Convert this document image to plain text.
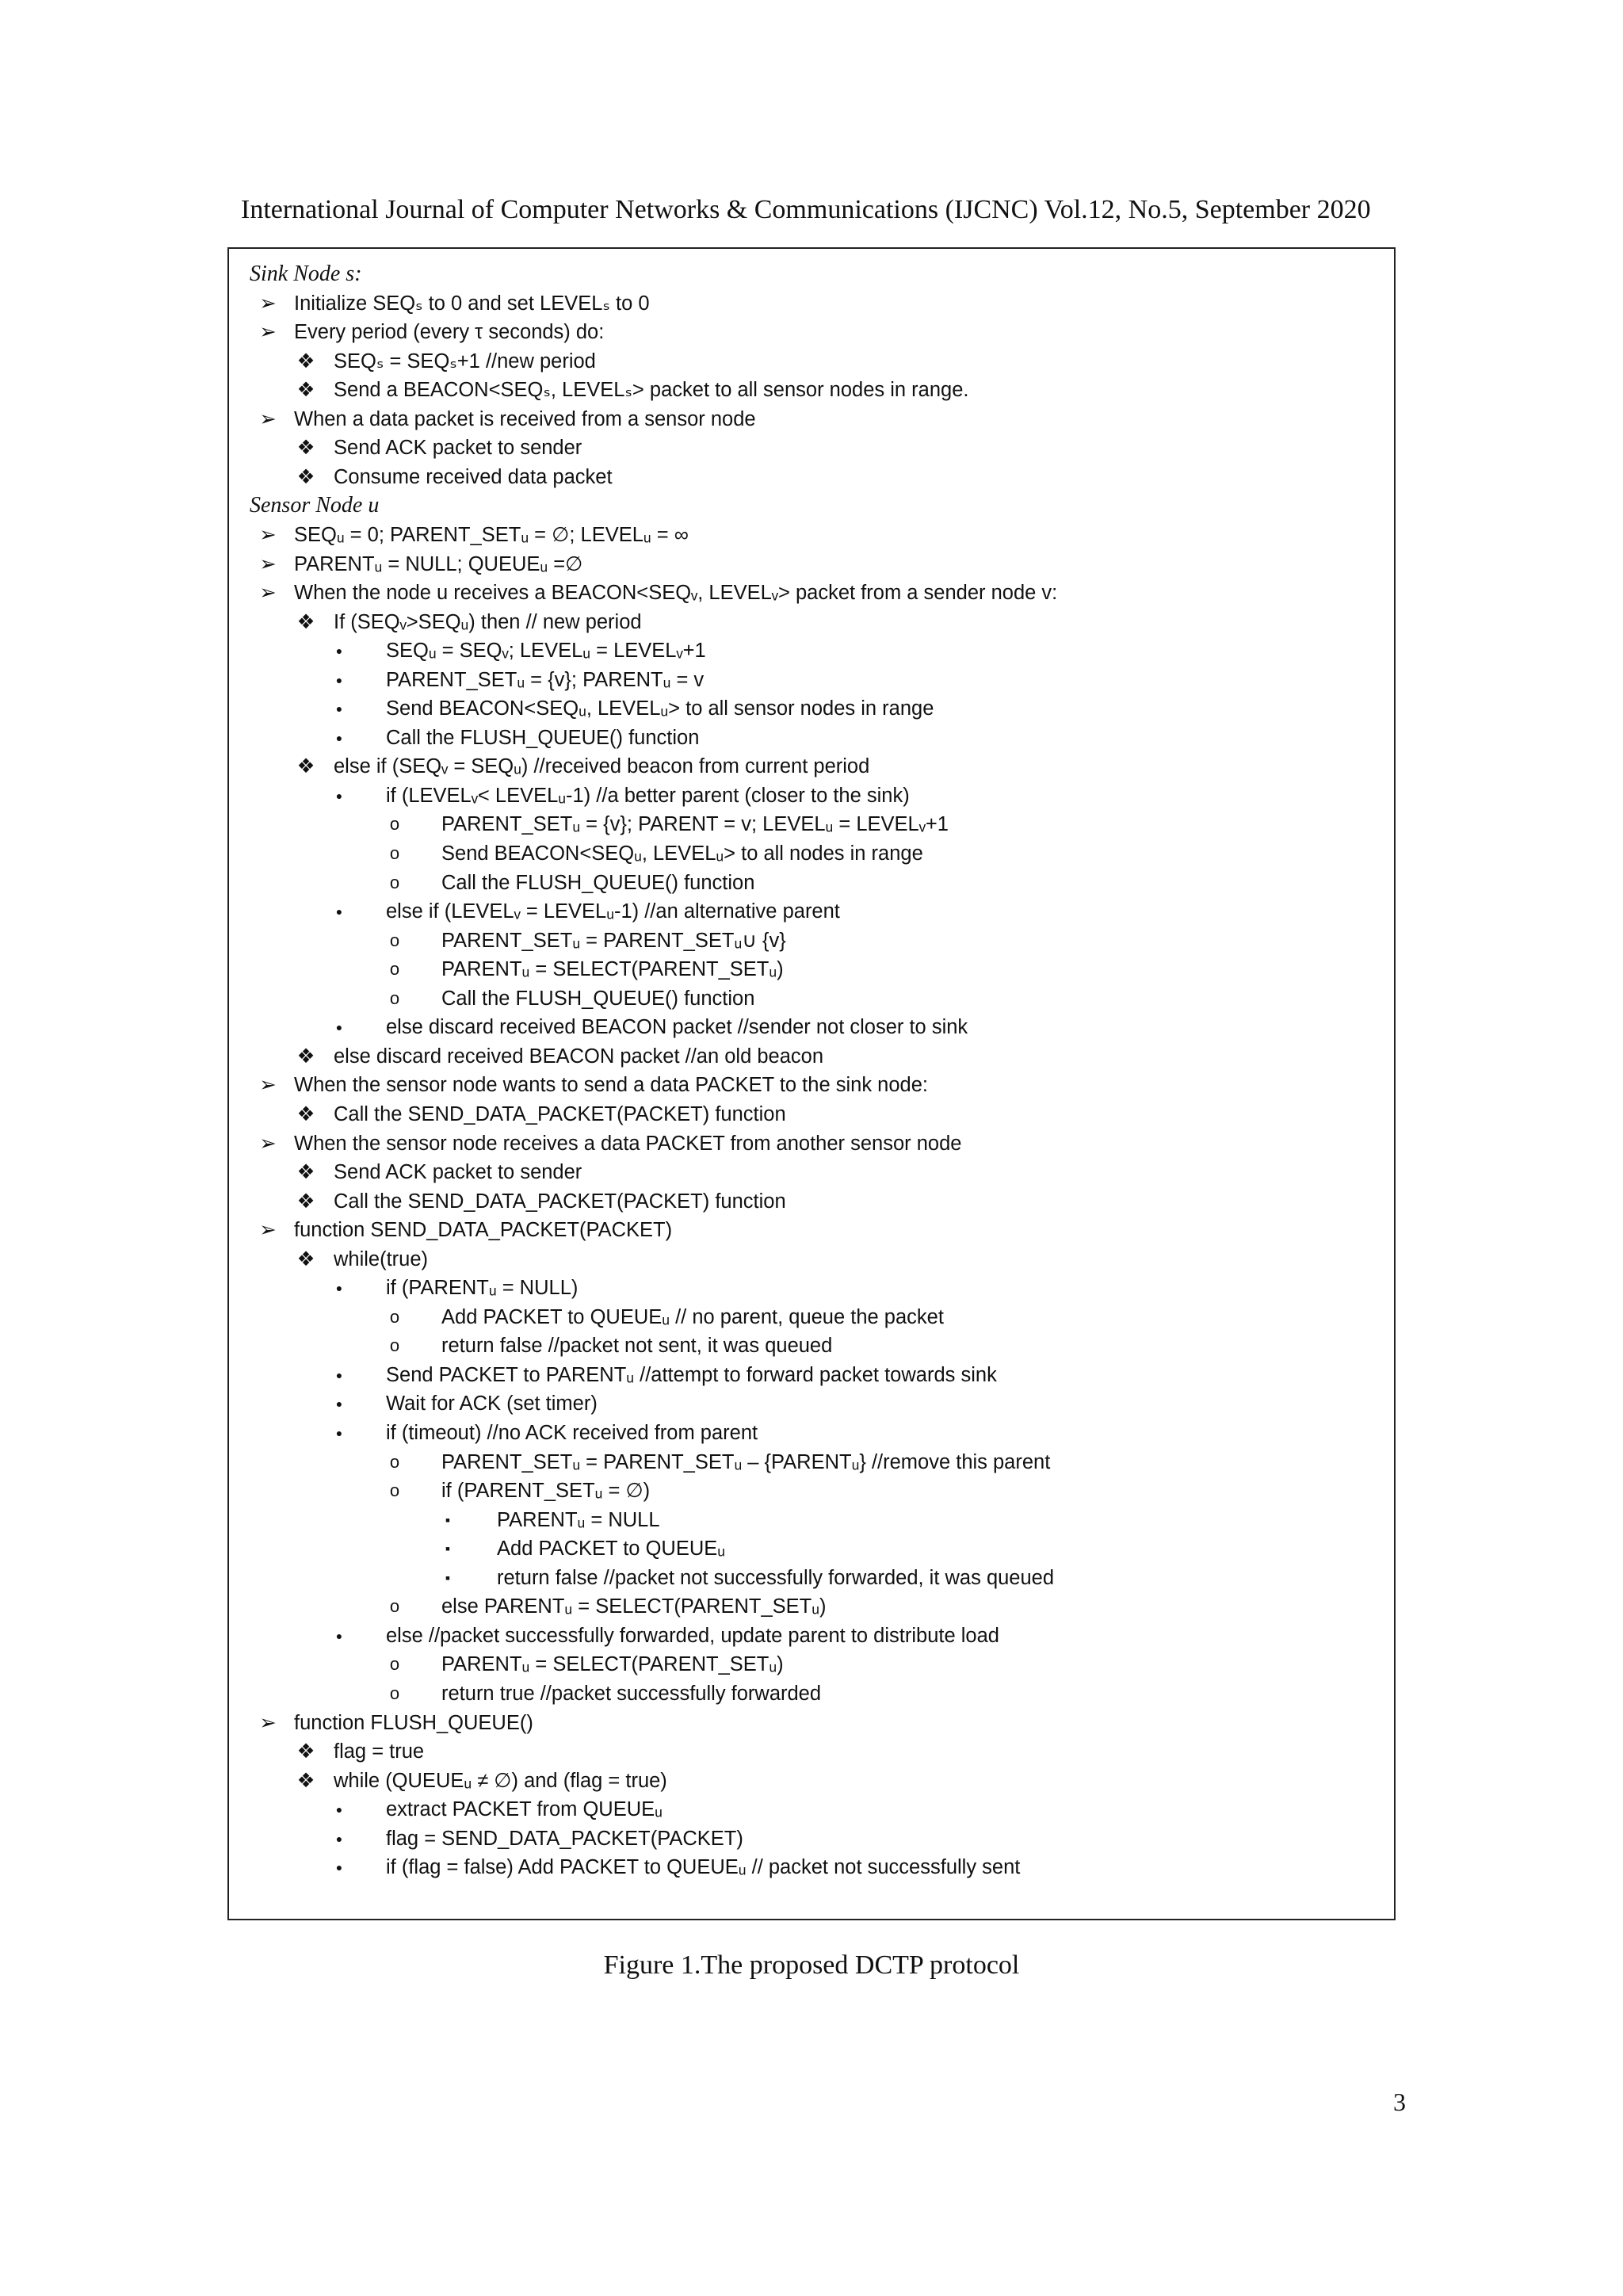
International Journal of Computer Networks & Communications (IJCNC) Vol.12, No.5, September 2020
Sink Node s:
➢ Initialize SEQₛ to 0 and set LEVELₛ to 0
➢ Every period (every τ seconds) do:
❖ SEQₛ = SEQₛ+1 //new period
❖ Send a BEACON<SEQₛ, LEVELₛ> packet to all sensor nodes in range.
➢ When a data packet is received from a sensor node
❖ Send ACK packet to sender
❖ Consume received data packet
Sensor Node u
➢ SEQᵤ = 0; PARENT_SETᵤ = ∅; LEVELᵤ = ∞
➢ PARENTᵤ = NULL; QUEUEᵤ =∅
➢ When the node u receives a BEACON<SEQᵥ, LEVELᵥ> packet from a sender node v:
❖ If (SEQᵥ>SEQᵤ) then // new period
●	SEQᵤ = SEQᵥ; LEVELᵤ = LEVELᵥ+1
●	PARENT_SETᵤ = {v}; PARENTᵤ = v
●	Send BEACON<SEQᵤ, LEVELᵤ> to all sensor nodes in range
●	Call the FLUSH_QUEUE() function
❖ else if (SEQᵥ = SEQᵤ) //received beacon from current period
●	if (LEVELᵥ< LEVELᵤ-1) //a better parent (closer to the sink)
o	PARENT_SETᵤ = {v}; PARENT = v; LEVELᵤ = LEVELᵥ+1
o	Send BEACON<SEQᵤ, LEVELᵤ> to all nodes in range
o	Call the FLUSH_QUEUE() function
●	else if (LEVELᵥ = LEVELᵤ-1) //an alternative parent
o	PARENT_SETᵤ = PARENT_SETᵤ∪ {v}
o	PARENTᵤ = SELECT(PARENT_SETᵤ)
o	Call the FLUSH_QUEUE() function
●	else discard received BEACON packet //sender not closer to sink
❖ else discard received BEACON packet //an old beacon
➢ When the sensor node wants to send a data PACKET to the sink node:
❖ Call the SEND_DATA_PACKET(PACKET) function
➢ When the sensor node receives a data PACKET from another sensor node
❖ Send ACK packet to sender
❖ Call the SEND_DATA_PACKET(PACKET) function
➢ function SEND_DATA_PACKET(PACKET)
❖ while(true)
●	if (PARENTᵤ = NULL)
o	Add PACKET to QUEUEᵤ // no parent, queue the packet
o	return false //packet not sent, it was queued
●	Send PACKET to PARENTᵤ //attempt to forward packet towards sink
●	Wait for ACK (set timer)
●	if (timeout) //no ACK received from parent
o	PARENT_SETᵤ = PARENT_SETᵤ – {PARENTᵤ} //remove this parent
o	if (PARENT_SETᵤ = ∅)
▪	PARENTᵤ = NULL
▪	Add PACKET to QUEUEᵤ
▪	return false //packet not successfully forwarded, it was queued
o	else PARENTᵤ = SELECT(PARENT_SETᵤ)
●	else //packet successfully forwarded, update parent to distribute load
o	PARENTᵤ = SELECT(PARENT_SETᵤ)
o	return true //packet successfully forwarded
➢ function FLUSH_QUEUE()
❖ flag = true
❖ while (QUEUEᵤ ≠ ∅) and (flag = true)
●	extract PACKET from QUEUEᵤ
●	flag = SEND_DATA_PACKET(PACKET)
●	if (flag = false) Add PACKET to QUEUEᵤ // packet not successfully sent
Figure 1.The proposed DCTP protocol
3
